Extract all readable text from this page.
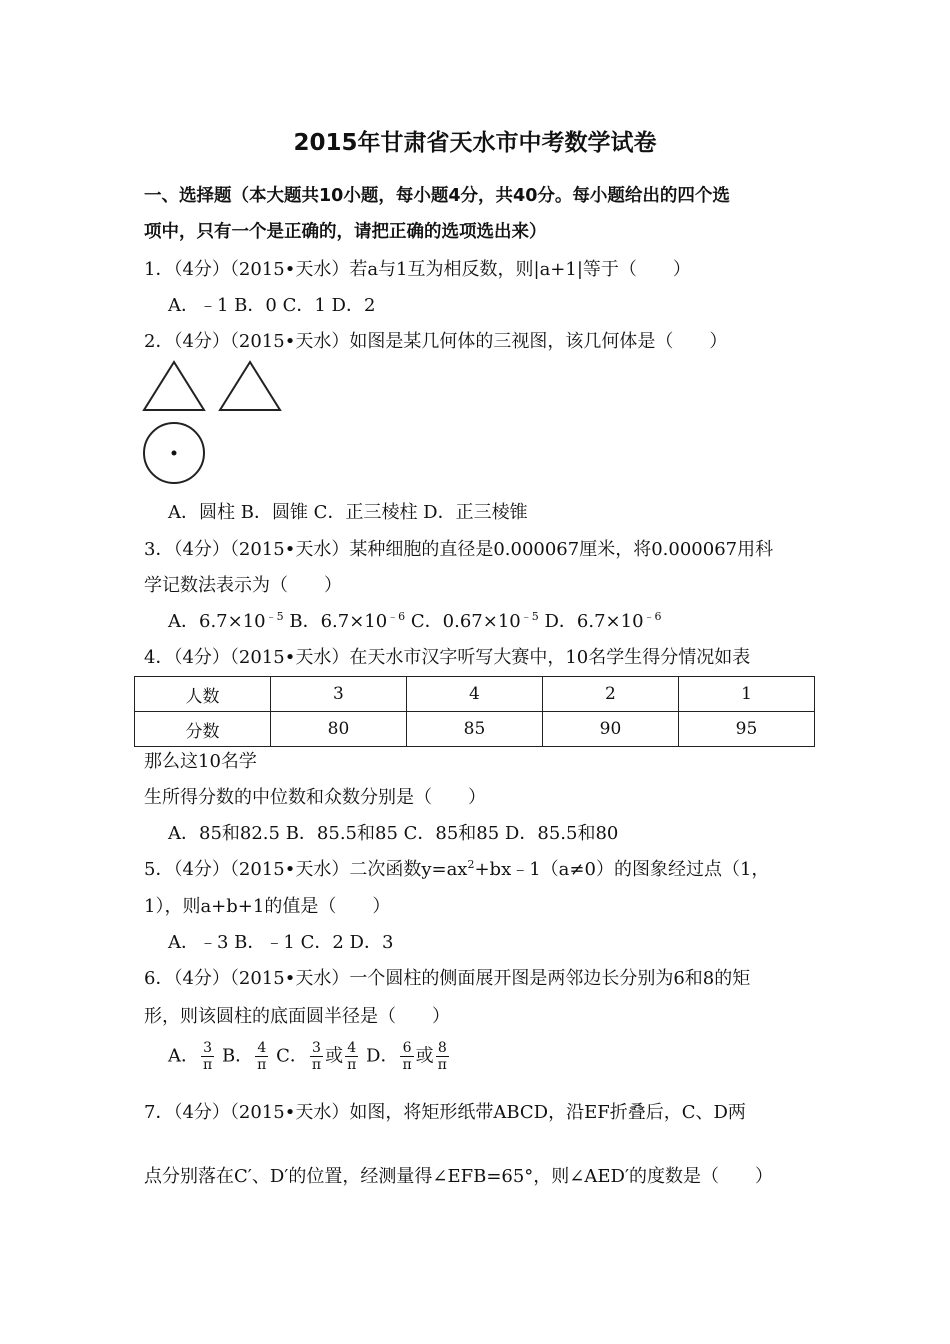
2015年甘肃省天水市中考数学试卷
一、选择题（本大题共10小题，每小题4分，共40分。每小题给出的四个选
项中，只有一个是正确的，请把正确的选项选出来）
1．（4分）（2015•天水）若a与1互为相反数，则|a+1|等于（　　）
A．﹣1 B．0 C．1 D．2
2．（4分）（2015•天水）如图是某几何体的三视图，该几何体是（　　）
A．圆柱 B．圆锥 C．正三棱柱 D．正三棱锥
3．（4分）（2015•天水）某种细胞的直径是0.000067厘米，将0.000067用科
学记数法表示为（　　）
A．$6.7\times 10^{﹣5}$ B．$6.7\times 10^{﹣6}$ C．$0.67\times 10^{﹣5}$ D．$6.7\times 10^{﹣6}$
4．（4分）（2015•天水）在天水市汉字听写大赛中，10名学生得分情况如表
人数	3	4	2	1
分数	80	85	90	95
那么这10名学
生所得分数的中位数和众数分别是（　　）
A．85和82.5 B．85.5和85 C．85和85 D．85.5和80
5．（4分）（2015•天水）二次函数$y=ax^2+bx﹣1(a\ne 0)$的图象经过点（1，
1），则a+b+1的值是（　　）
A．﹣3 B．﹣1 C．2 D．3
6．（4分）（2015•天水）一个圆柱的侧面展开图是两邻边长分别为6和8的矩
形，则该圆柱的底面圆半径是（　　）
A． $\frac{3}{\pi}$ B． $\frac{4}{\pi}$ C． $\frac{3}{\pi}$ 或 $\frac{4}{\pi}$ D． $\frac{6}{\pi}$ 或 $\frac{8}{\pi}$
7．（4分）（2015•天水）如图，将矩形纸带ABCD，沿EF折叠后，C、D两
点分别落在C′、D′的位置，经测量得∠EFB=65°，则∠AED′的度数是（　　）
